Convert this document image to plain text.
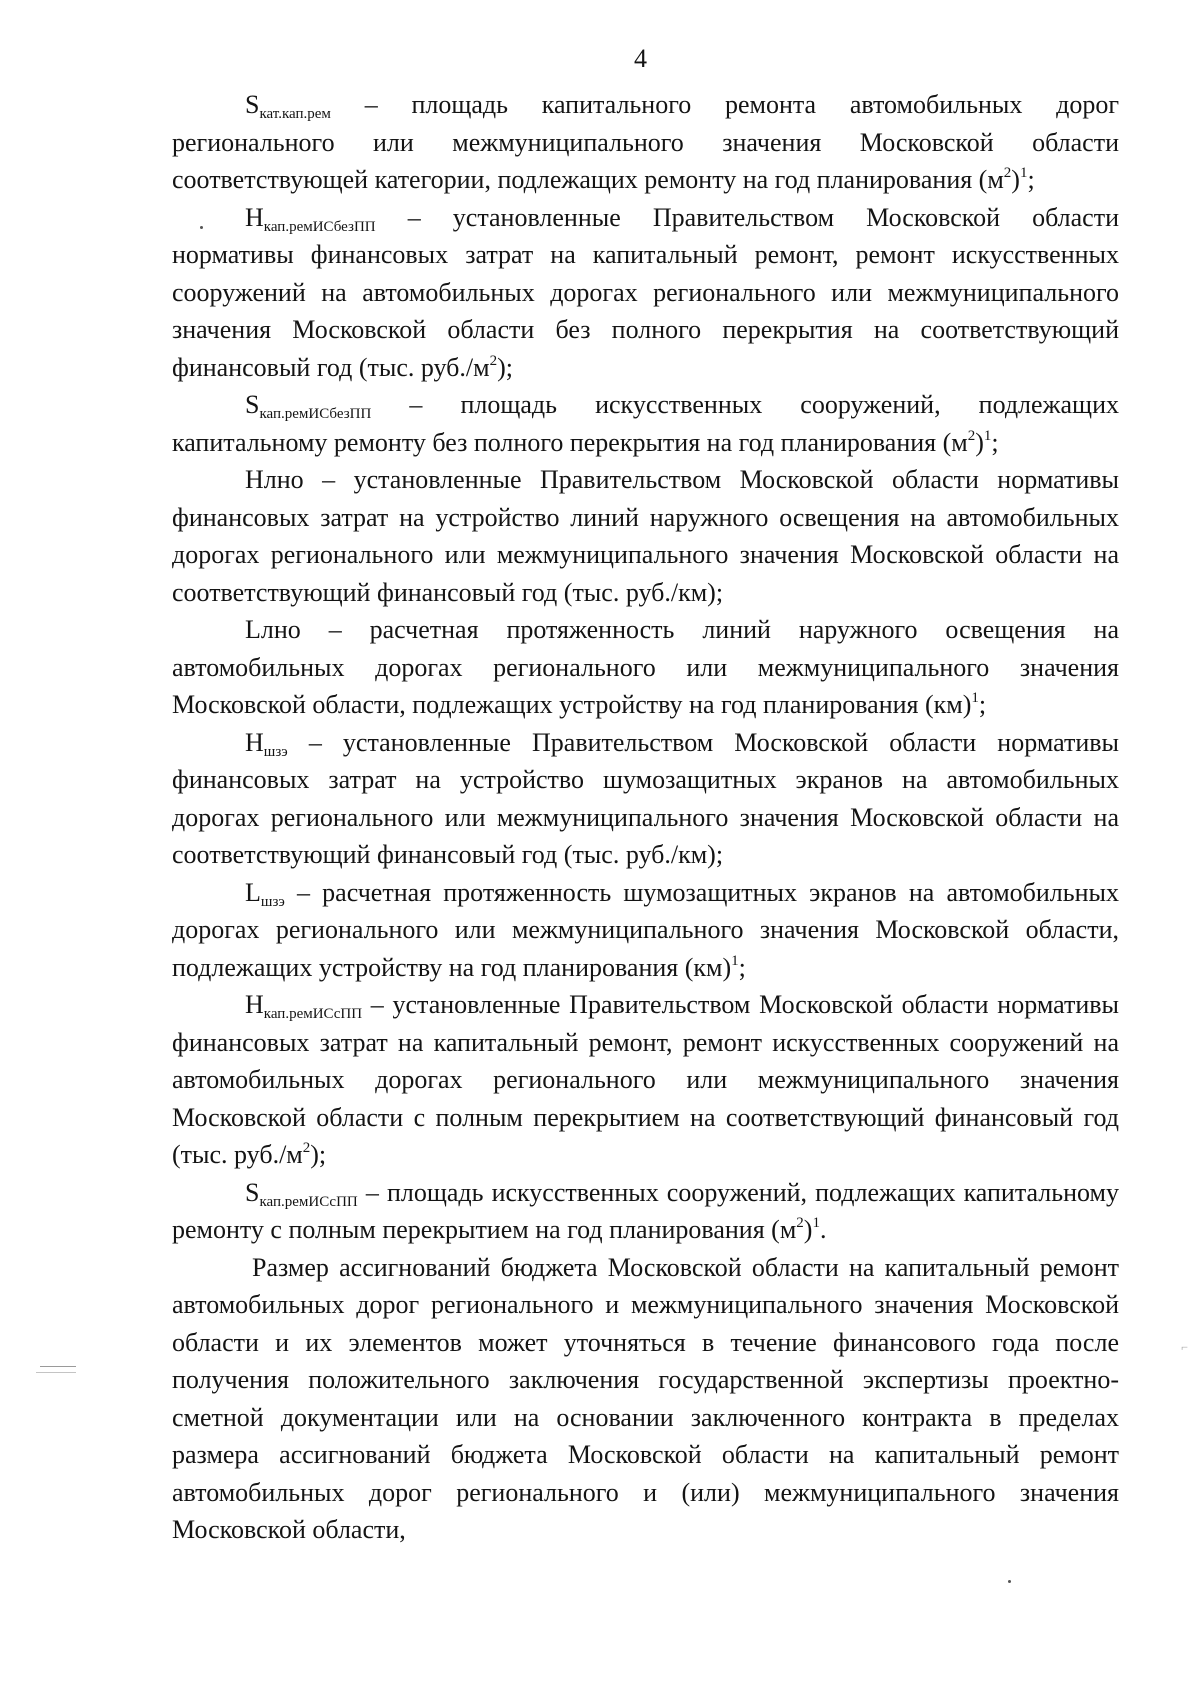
4

$S_{кат.кап.рем}$ – площадь капитального ремонта автомобильных дорог регионального или межмуниципального значения Московской области соответствующей категории, подлежащих ремонту на год планирования $(м^2)^1$;

$Н_{кап.ремИСбезПП}$ – установленные Правительством Московской области нормативы финансовых затрат на капитальный ремонт, ремонт искусственных сооружений на автомобильных дорогах регионального или межмуниципального значения Московской области без полного перекрытия на соответствующий финансовый год (тыс. $руб./м^2$);

$S_{кап.ремИСбезПП}$ – площадь искусственных сооружений, подлежащих капитальному ремонту без полного перекрытия на год планирования $(м^2)^1$;

Нлно – установленные Правительством Московской области нормативы финансовых затрат на устройство линий наружного освещения на автомобильных дорогах регионального или межмуниципального значения Московской области на соответствующий финансовый год (тыс. руб./км);

Lлно – расчетная протяженность линий наружного освещения на автомобильных дорогах регионального или межмуниципального значения Московской области, подлежащих устройству на год планирования (км)$^1$;

$Н_{шзэ}$ – установленные Правительством Московской области нормативы финансовых затрат на устройство шумозащитных экранов на автомобильных дорогах регионального или межмуниципального значения Московской области на соответствующий финансовый год (тыс. руб./км);

$L_{шзэ}$ – расчетная протяженность шумозащитных экранов на автомобильных дорогах регионального или межмуниципального значения Московской области, подлежащих устройству на год планирования (км)$^1$;

$Н_{кап.ремИСсПП}$ – установленные Правительством Московской области нормативы финансовых затрат на капитальный ремонт, ремонт искусственных сооружений на автомобильных дорогах регионального или межмуниципального значения Московской области с полным перекрытием на соответствующий финансовый год (тыс. $руб./м^2$);

$S_{кап.ремИСсПП}$ – площадь искусственных сооружений, подлежащих капитальному ремонту с полным перекрытием на год планирования $(м^2)^1$.

Размер ассигнований бюджета Московской области на капитальный ремонт автомобильных дорог регионального и межмуниципального значения Московской области и их элементов может уточняться в течение финансового года после получения положительного заключения государственной экспертизы проектно-сметной документации или на основании заключенного контракта в пределах размера ассигнований бюджета Московской области на капитальный ремонт автомобильных дорог регионального и (или) межмуниципального значения Московской области,

⌐
